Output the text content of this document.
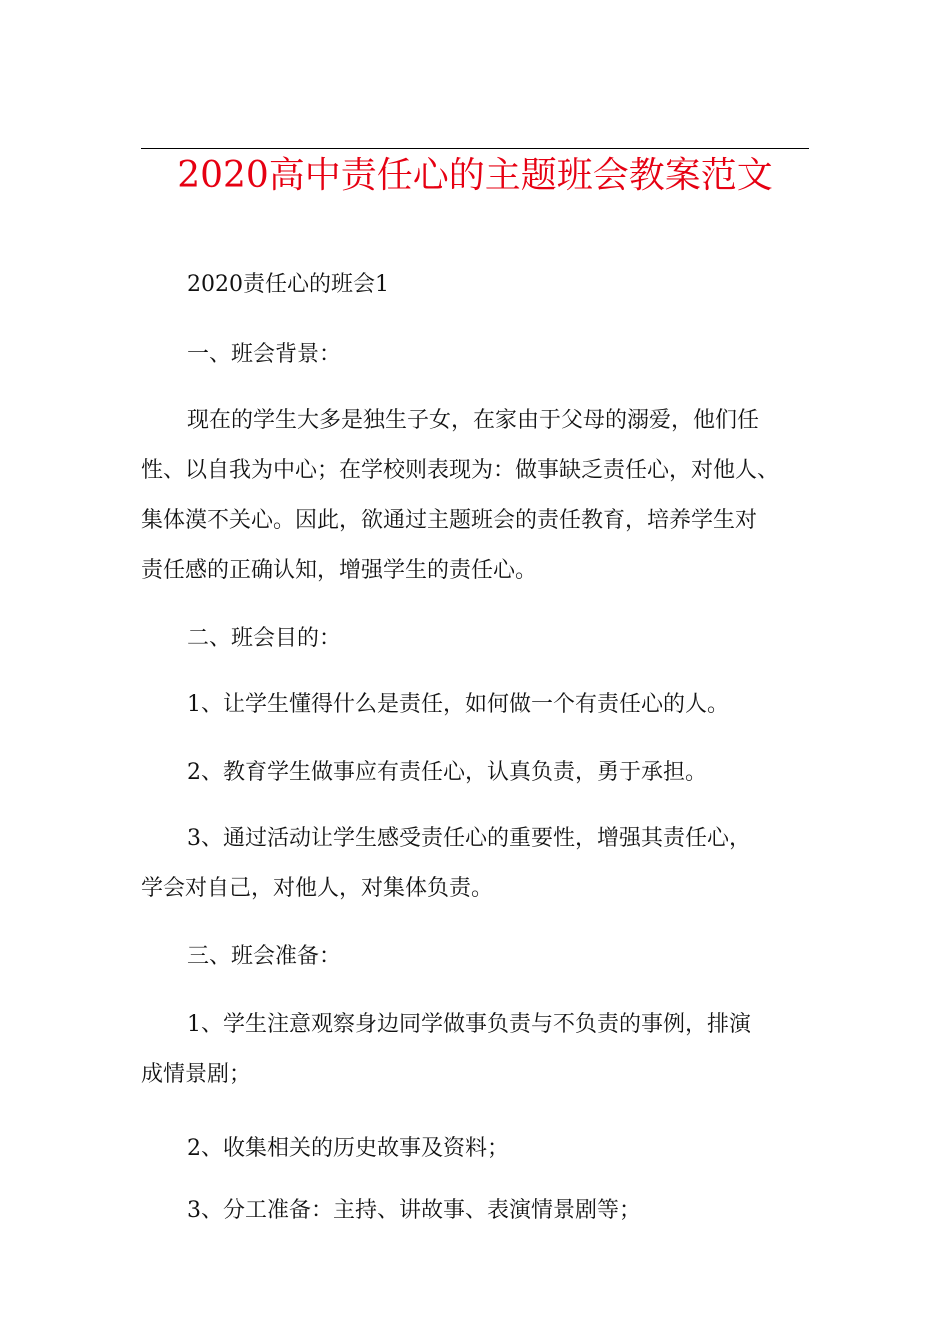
2020高中责任心的主题班会教案范文
2020责任心的班会1
一、班会背景：
现在的学生大多是独生子女，在家由于父母的溺爱，他们任
性、以自我为中心；在学校则表现为：做事缺乏责任心，对他人、
集体漠不关心。因此，欲通过主题班会的责任教育，培养学生对
责任感的正确认知，增强学生的责任心。
二、班会目的：
1、让学生懂得什么是责任，如何做一个有责任心的人。
2、教育学生做事应有责任心，认真负责，勇于承担。
3、通过活动让学生感受责任心的重要性，增强其责任心，
学会对自己，对他人，对集体负责。
三、班会准备：
1、学生注意观察身边同学做事负责与不负责的事例，排演
成情景剧；
2、收集相关的历史故事及资料；
3、分工准备：主持、讲故事、表演情景剧等；
